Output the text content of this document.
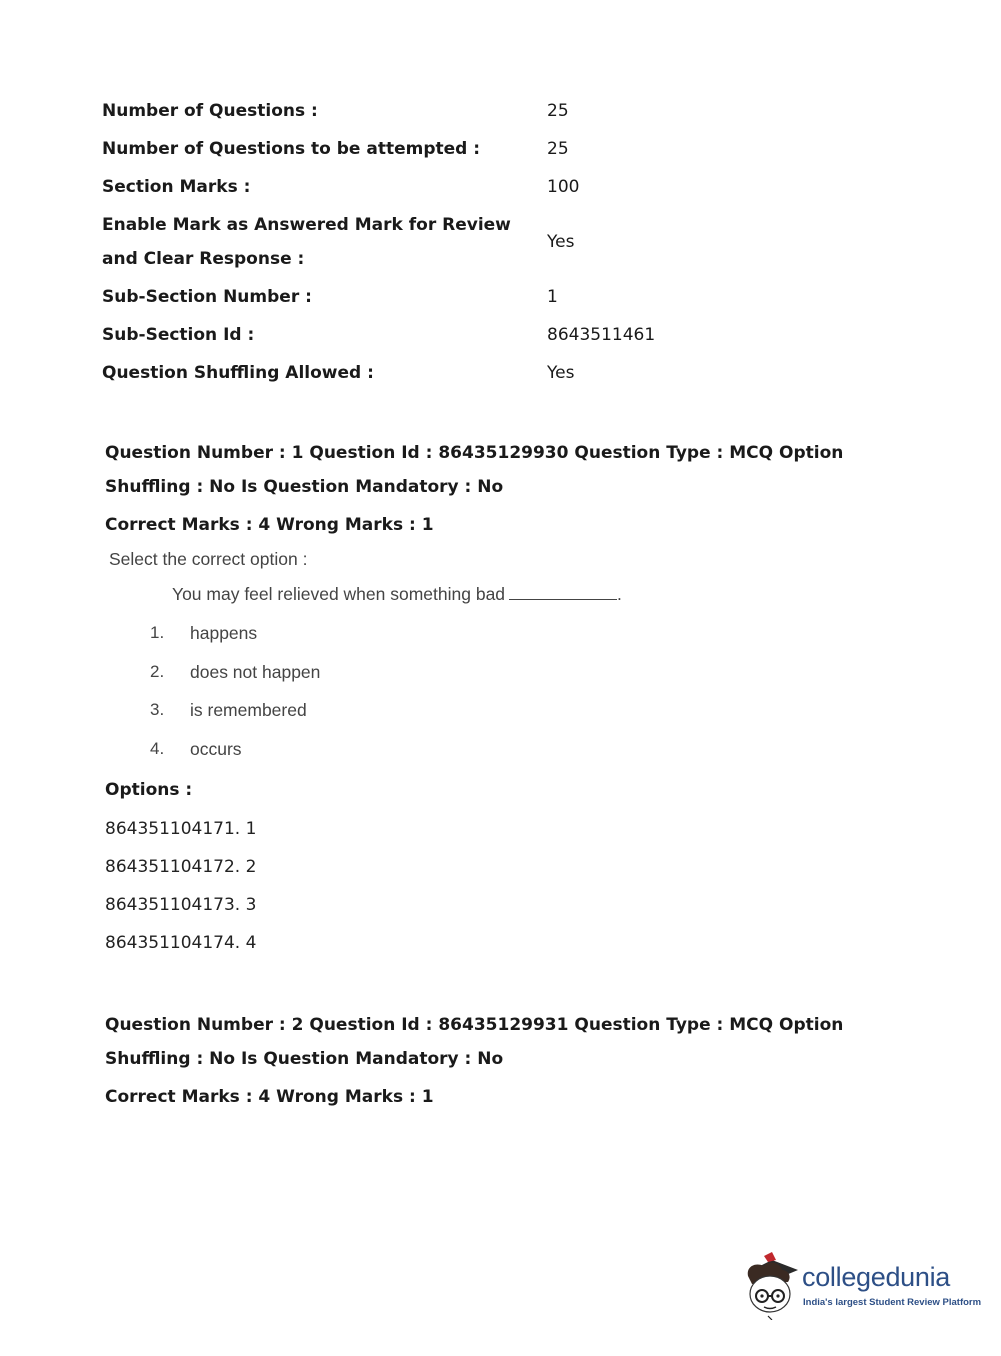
Number of Questions :	25
Number of Questions to be attempted :	25
Section Marks :	100
Enable Mark as Answered Mark for Review and Clear Response :
Yes
Sub-Section Number :	1
Sub-Section Id :	8643511461
Question Shuffling Allowed :	Yes
Question Number : 1 Question Id : 86435129930 Question Type : MCQ Option Shuffling : No Is Question Mandatory : No
Correct Marks : 4 Wrong Marks : 1
Select the correct option :
You may feel relieved when something bad	.
1. happens
2. does not happen
3. is remembered
4. occurs
Options :
864351104171. 1
864351104172. 2
864351104173. 3
864351104174. 4
Question Number : 2 Question Id : 86435129931 Question Type : MCQ Option Shuffling : No Is Question Mandatory : No
Correct Marks : 4 Wrong Marks : 1
collegedunia
India's largest Student Review Platform
